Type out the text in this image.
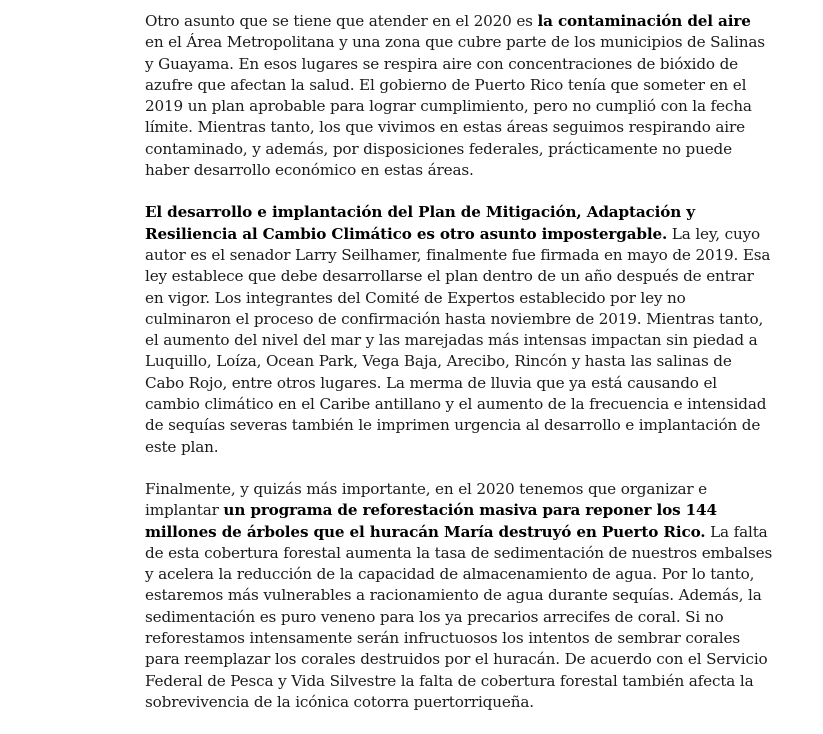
Otro asunto que se tiene que atender en el 2020 es la contaminación del aire en el Área Metropolitana y una zona que cubre parte de los municipios de Salinas y Guayama. En esos lugares se respira aire con concentraciones de bióxido de azufre que afectan la salud. El gobierno de Puerto Rico tenía que someter en el 2019 un plan aprobable para lograr cumplimiento, pero no cumplió con la fecha límite. Mientras tanto, los que vivimos en estas áreas seguimos respirando aire contaminado, y además, por disposiciones federales, prácticamente no puede haber desarrollo económico en estas áreas.

El desarrollo e implantación del Plan de Mitigación, Adaptación y Resiliencia al Cambio Climático es otro asunto impostergable. La ley, cuyo autor es el senador Larry Seilhamer, finalmente fue firmada en mayo de 2019. Esa ley establece que debe desarrollarse el plan dentro de un año después de entrar en vigor. Los integrantes del Comité de Expertos establecido por ley no culminaron el proceso de confirmación hasta noviembre de 2019. Mientras tanto, el aumento del nivel del mar y las marejadas más intensas impactan sin piedad a Luquillo, Loíza, Ocean Park, Vega Baja, Arecibo, Rincón y hasta las salinas de Cabo Rojo, entre otros lugares. La merma de lluvia que ya está causando el cambio climático en el Caribe antillano y el aumento de la frecuencia e intensidad de sequías severas también le imprimen urgencia al desarrollo e implantación de este plan.

Finalmente, y quizás más importante, en el 2020 tenemos que organizar e implantar un programa de reforestación masiva para reponer los 144 millones de árboles que el huracán María destruyó en Puerto Rico. La falta de esta cobertura forestal aumenta la tasa de sedimentación de nuestros embalses y acelera la reducción de la capacidad de almacenamiento de agua. Por lo tanto, estaremos más vulnerables a racionamiento de agua durante sequías. Además, la sedimentación es puro veneno para los ya precarios arrecifes de coral. Si no reforestamos intensamente serán infructuosos los intentos de sembrar corales para reemplazar los corales destruidos por el huracán. De acuerdo con el Servicio Federal de Pesca y Vida Silvestre la falta de cobertura forestal también afecta la sobrevivencia de la icónica cotorra puertorriqueña.
